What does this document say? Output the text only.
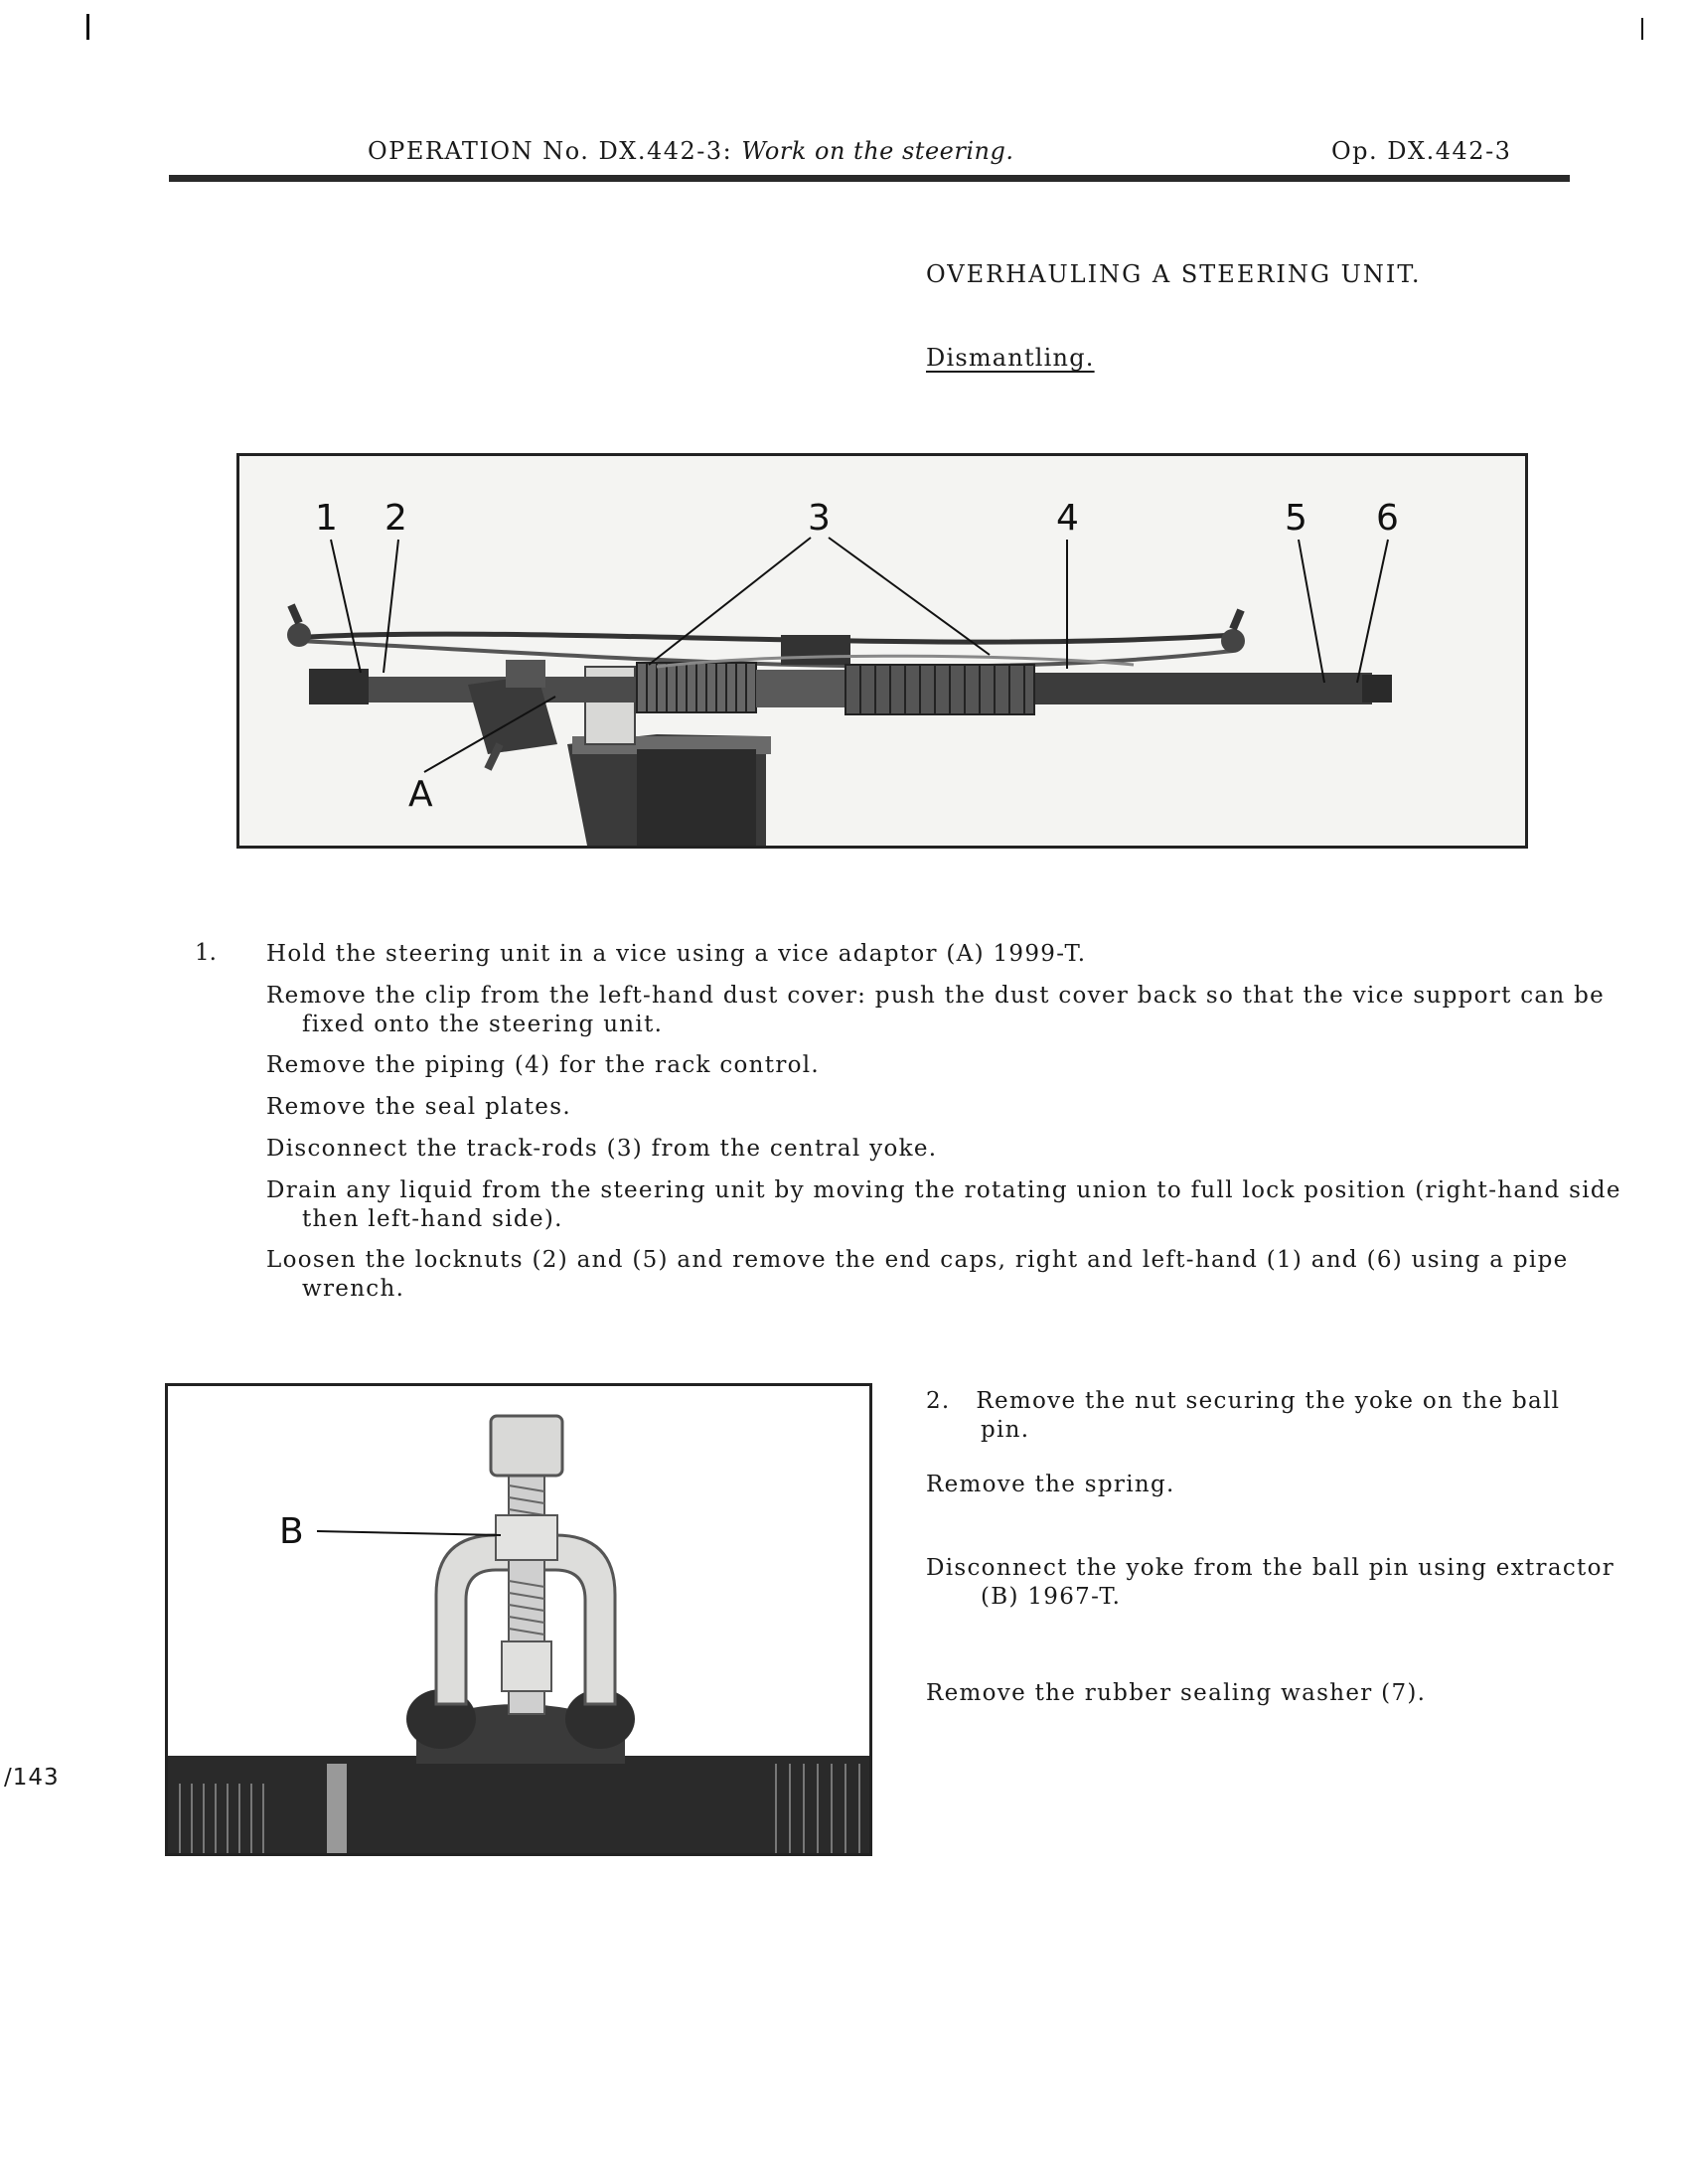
OPERATION No. DX.442-3: Work on the steering.	Op. DX.442-3
OVERHAULING A STEERING UNIT.
Dismantling.
1 2	3	4	5 6
A
1. Hold the steering unit in a vice using a vice adaptor (A) 1999-T.
Remove the clip from the left-hand dust cover: push the dust cover back so that the vice support can be
fixed onto the steering unit.
Remove the piping (4) for the rack control.
Remove the seal plates.
Disconnect the track-rods (3) from the central yoke.
Drain any liquid from the steering unit by moving the rotating union to full lock position (right-hand side
then left-hand side).
Loosen the locknuts (2) and (5) and remove the end caps, right and left-hand (1) and (6) using a pipe
wrench.
B
2.   Remove the nut securing the yoke on the ball
pin.
Remove the spring.
Disconnect the yoke from the ball pin using extractor
(B) 1967-T.
Remove the rubber sealing washer (7).
/143
